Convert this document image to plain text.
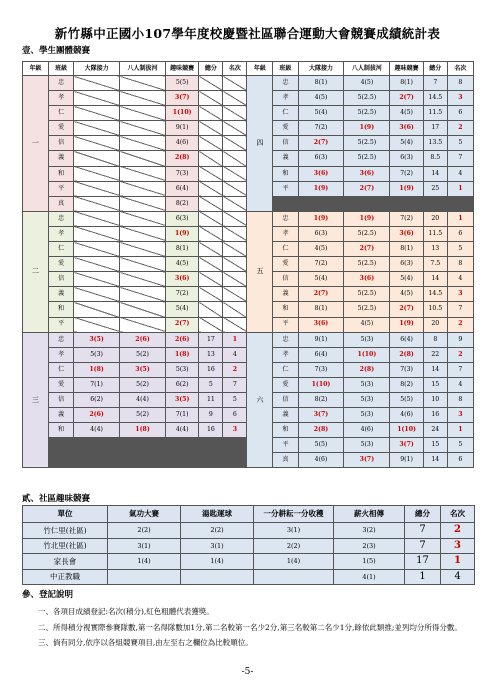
新竹縣中正國小107學年度校慶暨社區聯合運動大會競賽成績統計表
壹、學生團體競賽
年級	班級	大隊接力	八人制拔河	趣味競賽	總分	名次	年級	班級	大隊接力	八人制拔河	趣味競賽	總分	名次
一	忠			5(5)			四	忠	8(1)	4(5)	8(1)	7	8
	孝			3(7)				孝	4(5)	5(2.5)	2(7)	14.5	3
	仁			1(10)				仁	5(4)	5(2.5)	4(5)	11.5	6
	愛			9(1)				愛	7(2)	1(9)	3(6)	17	2
	信			4(6)				信	2(7)	5(2.5)	5(4)	13.5	5
	義			2(8)				義	6(3)	5(2.5)	6(3)	8.5	7
	和			7(3)				和	3(6)	3(6)	7(2)	14	4
	平			6(4)				平	1(9)	2(7)	1(9)	25	1
	真			8(2)									
二	忠			6(3)			五	忠	1(9)	1(9)	7(2)	20	1
	孝			1(9)				孝	6(3)	5(2.5)	3(6)	11.5	6
	仁			8(1)				仁	4(5)	2(7)	8(1)	13	5
	愛			4(5)				愛	7(2)	5(2.5)	6(3)	7.5	8
	信			3(6)				信	5(4)	3(6)	5(4)	14	4
	義			7(2)				義	2(7)	5(2.5)	4(5)	14.5	3
	和			5(4)				和	8(1)	5(2.5)	2(7)	10.5	7
	平			2(7)				平	3(6)	4(5)	1(9)	20	2
三	忠	3(5)	2(6)	2(6)	17	1	六	忠	9(1)	5(3)	6(4)	8	9
	孝	5(3)	5(2)	1(8)	13	4		孝	6(4)	1(10)	2(8)	22	2
	仁	1(8)	3(5)	5(3)	16	2		仁	7(3)	2(8)	7(3)	14	7
	愛	7(1)	5(2)	6(2)	5	7		愛	1(10)	5(3)	8(2)	15	4
	信	6(2)	4(4)	3(5)	11	5		信	8(2)	5(3)	5(5)	10	8
	義	2(6)	5(2)	7(1)	9	6		義	3(7)	5(3)	4(6)	16	3
	和	4(4)	1(8)	4(4)	16	3		和	2(8)	4(6)	1(10)	24	1
								平	5(5)	5(3)	3(7)	15	5
								真	4(6)	3(7)	9(1)	14	6
貳、社區趣味競賽
單位	氣功大賽	湯匙運球	一分耕耘一分收穫	薪火相傳	總分	名次
竹仁里(社區)	2(2)	2(2)	3(1)	3(2)	7	2
竹北里(社區)	3(1)	3(1)	2(2)	2(3)	7	3
家長會	1(4)	1(4)	1(4)	1(5)	17	1
中正教職				4(1)	1	4
參、登記說明
一、各項目成績登記:名次(積分),紅色粗體代表獲獎。
二、所得積分視實際參賽隊數,第一名得隊數加1分,第二名較第一名少2分,第三名較第二名少1分,餘依此類推;並列均分所得分數。
三、倘有同分,依序以各組競賽項目,由左至右之欄位為比較順位。
-5-
